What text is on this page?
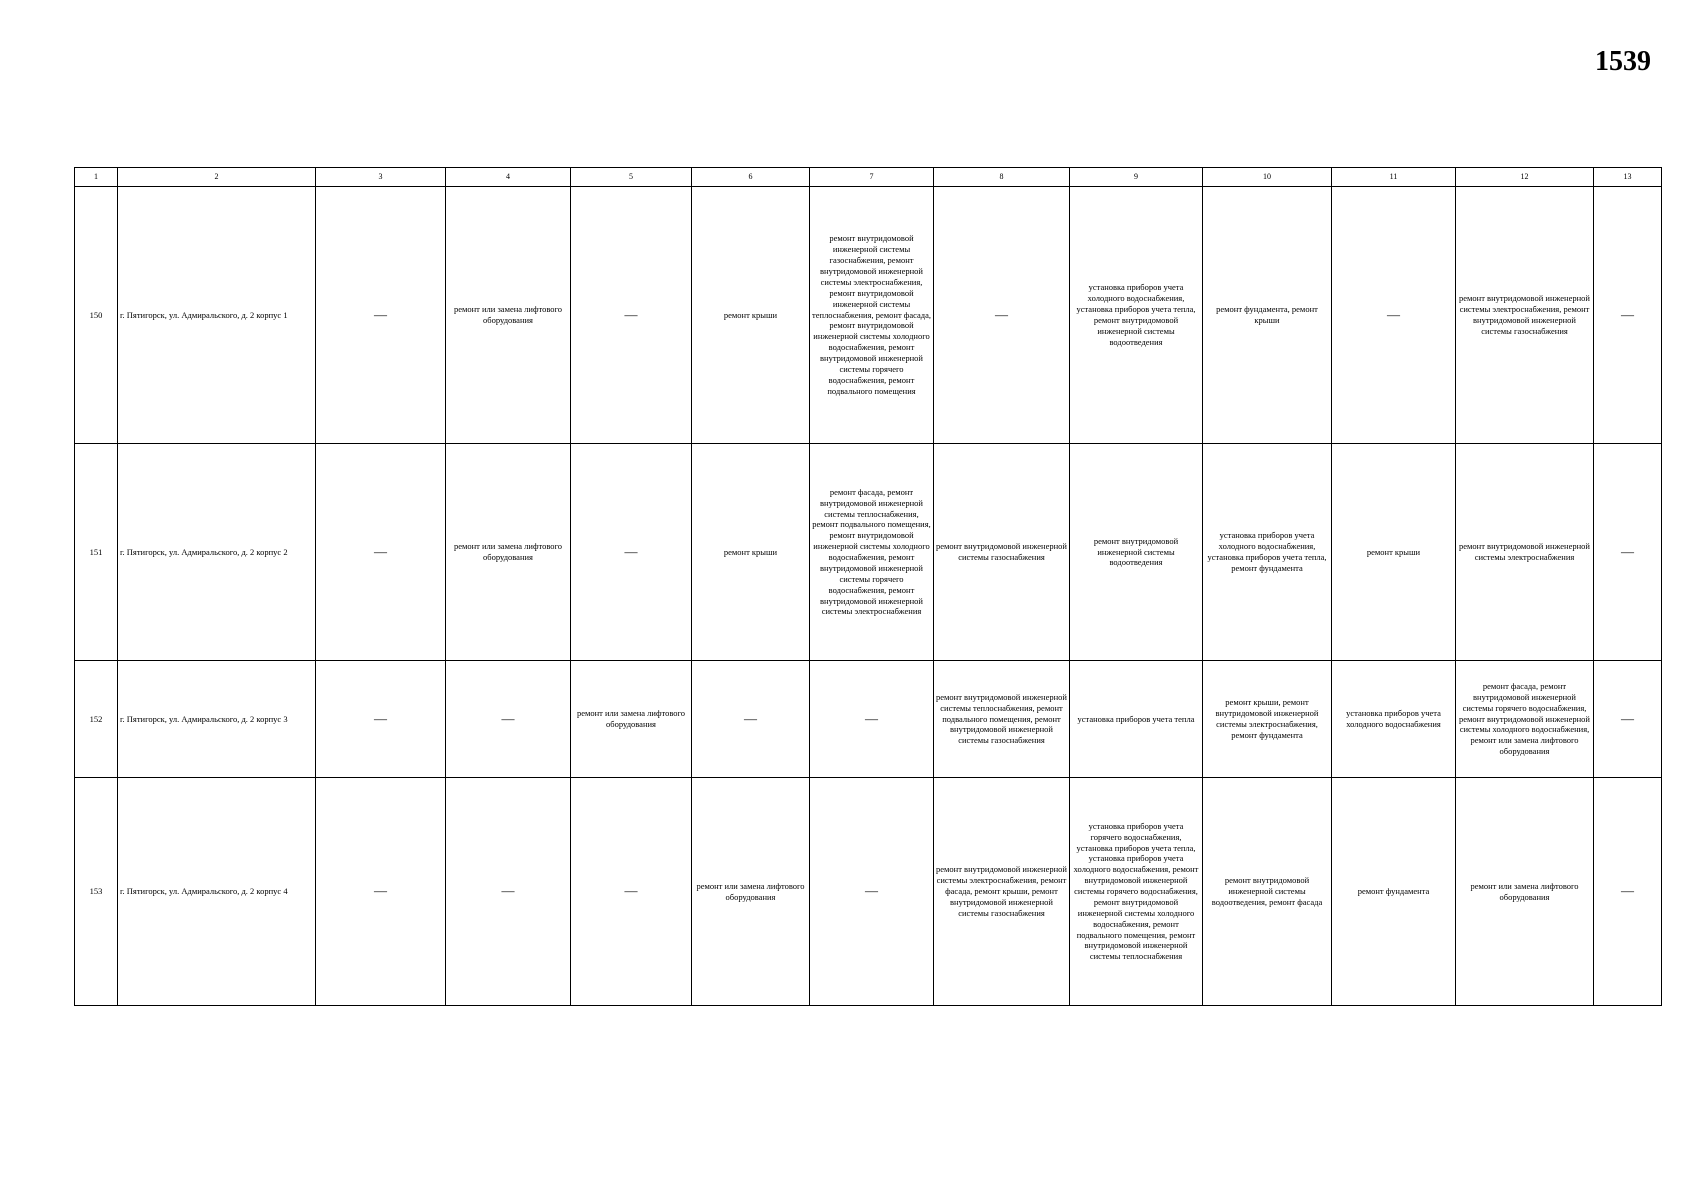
1539
1	2	3	4	5	6	7	8	9	10	11	12	13
150	г. Пятигорск, ул. Адмиральского, д. 2 корпус 1	—	ремонт или замена лифтового оборудования	—	ремонт крыши	ремонт внутридомовой инженерной системы газоснабжения, ремонт внутридомовой инженерной системы электроснабжения, ремонт внутридомовой инженерной системы теплоснабжения, ремонт фасада, ремонт внутридомовой инженерной системы холодного водоснабжения, ремонт внутридомовой инженерной системы горячего водоснабжения, ремонт подвального помещения	—	установка приборов учета холодного водоснабжения, установка приборов учета тепла, ремонт внутридомовой инженерной системы водоотведения	ремонт фундамента, ремонт крыши	—	ремонт внутридомовой инженерной системы электроснабжения, ремонт внутридомовой инженерной системы газоснабжения	—
151	г. Пятигорск, ул. Адмиральского, д. 2 корпус 2	—	ремонт или замена лифтового оборудования	—	ремонт крыши	ремонт фасада, ремонт внутридомовой инженерной системы теплоснабжения, ремонт подвального помещения, ремонт внутридомовой инженерной системы холодного водоснабжения, ремонт внутридомовой инженерной системы горячего водоснабжения, ремонт внутридомовой инженерной системы электроснабжения	ремонт внутридомовой инженерной системы газоснабжения	ремонт внутридомовой инженерной системы водоотведения	установка приборов учета холодного водоснабжения, установка приборов учета тепла, ремонт фундамента	ремонт крыши	ремонт внутридомовой инженерной системы электроснабжения	—
152	г. Пятигорск, ул. Адмиральского, д. 2 корпус 3	—	—	ремонт или замена лифтового оборудования	—	—	ремонт внутридомовой инженерной системы теплоснабжения, ремонт подвального помещения, ремонт внутридомовой инженерной системы газоснабжения	установка приборов учета тепла	ремонт крыши, ремонт внутридомовой инженерной системы электроснабжения, ремонт фундамента	установка приборов учета холодного водоснабжения	ремонт фасада, ремонт внутридомовой инженерной системы горячего водоснабжения, ремонт внутридомовой инженерной системы холодного водоснабжения, ремонт или замена лифтового оборудования	—
153	г. Пятигорск, ул. Адмиральского, д. 2 корпус 4	—	—	—	ремонт или замена лифтового оборудования	—	ремонт внутридомовой инженерной системы электроснабжения, ремонт фасада, ремонт крыши, ремонт внутридомовой инженерной системы газоснабжения	установка приборов учета горячего водоснабжения, установка приборов учета тепла, установка приборов учета холодного водоснабжения, ремонт внутридомовой инженерной системы горячего водоснабжения, ремонт внутридомовой инженерной системы холодного водоснабжения, ремонт подвального помещения, ремонт внутридомовой инженерной системы теплоснабжения	ремонт внутридомовой инженерной системы водоотведения, ремонт фасада	ремонт фундамента	ремонт или замена лифтового оборудования	—
